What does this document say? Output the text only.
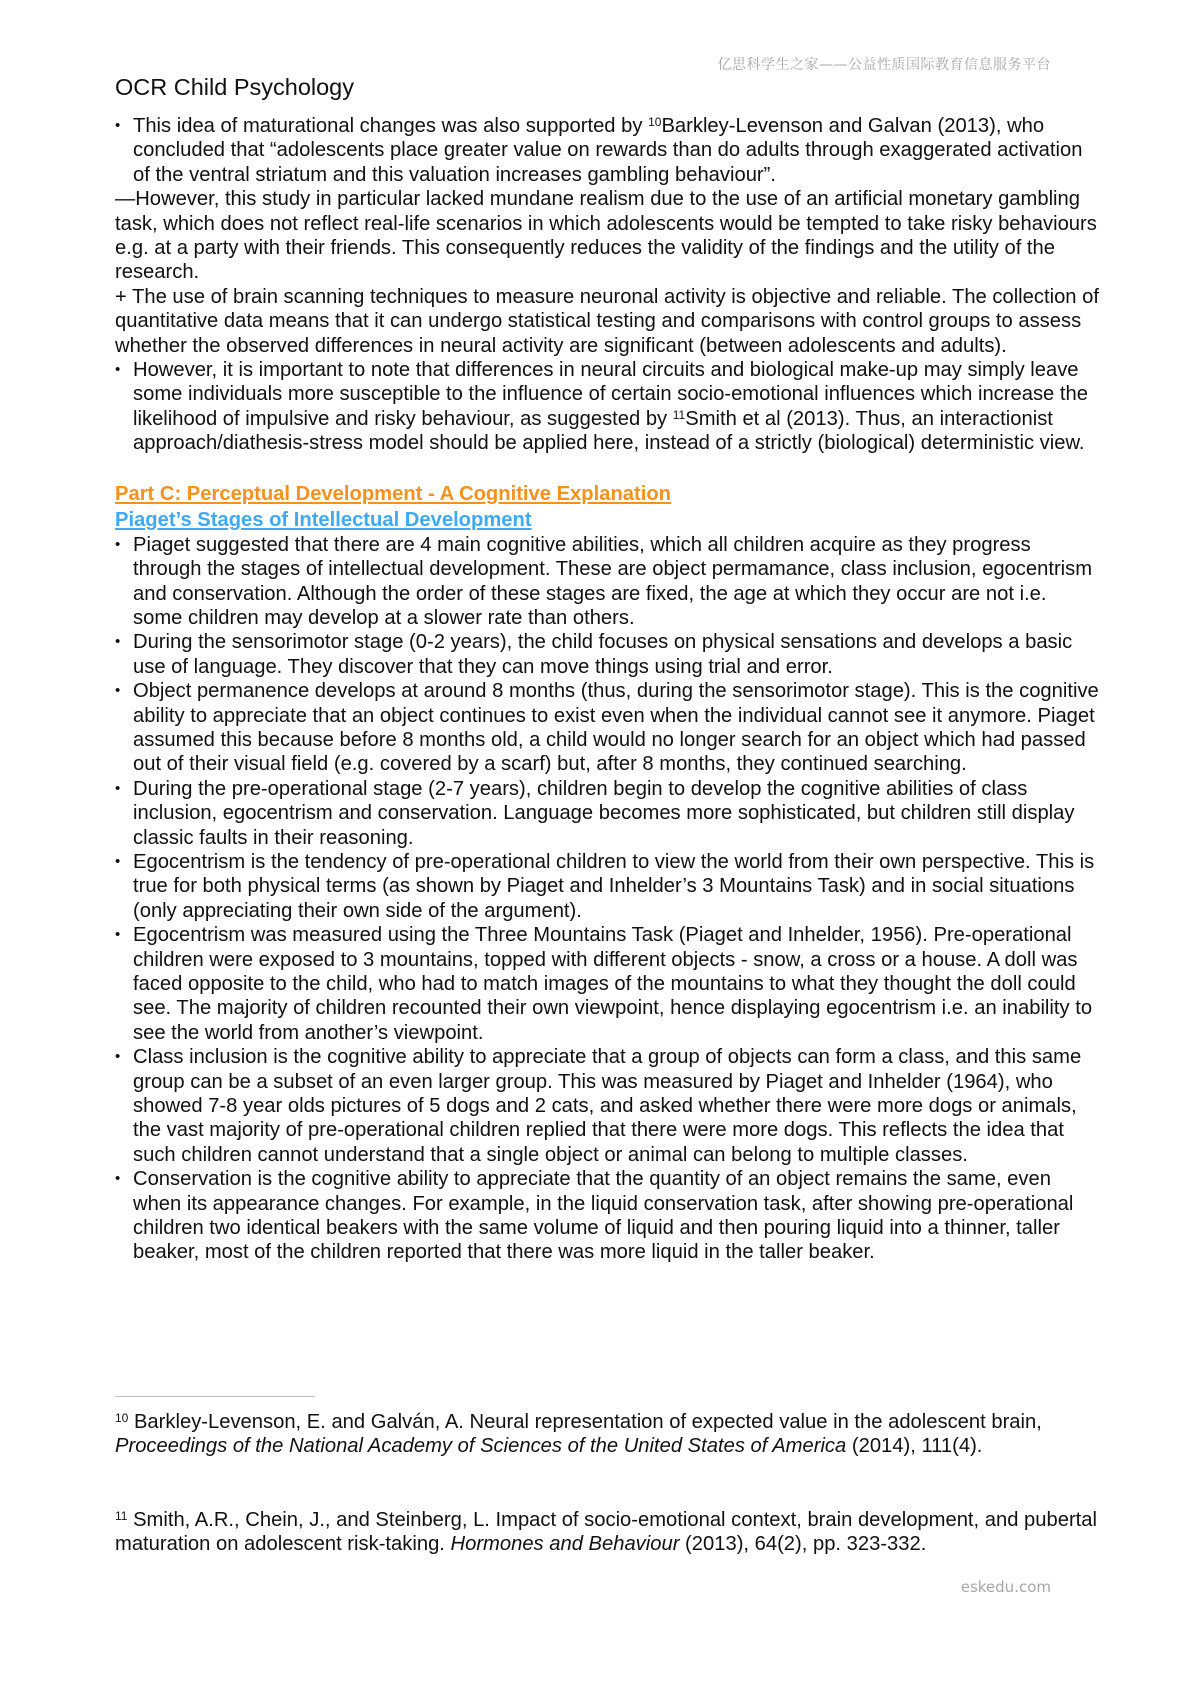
亿思科学生之家——公益性质国际教育信息服务平台
OCR Child Psychology
• This idea of maturational changes was also supported by $^{10}$Barkley-Levenson and Galvan (2013), who concluded that “adolescents place greater value on rewards than do adults through exaggerated activation of the ventral striatum and this valuation increases gambling behaviour”.

—However, this study in particular lacked mundane realism due to the use of an artificial monetary gambling task, which does not reflect real-life scenarios in which adolescents would be tempted to take risky behaviours e.g. at a party with their friends. This consequently reduces the validity of the findings and the utility of the research.

+ The use of brain scanning techniques to measure neuronal activity is objective and reliable. The collection of quantitative data means that it can undergo statistical testing and comparisons with control groups to assess whether the observed differences in neural activity are significant (between adolescents and adults).

• However, it is important to note that differences in neural circuits and biological make-up may simply leave some individuals more susceptible to the influence of certain socio-emotional influences which increase the likelihood of impulsive and risky behaviour, as suggested by $^{11}$Smith et al (2013). Thus, an interactionist approach/diathesis-stress model should be applied here, instead of a strictly (biological) deterministic view.
Part C: Perceptual Development - A Cognitive Explanation
Piaget’s Stages of Intellectual Development
• Piaget suggested that there are 4 main cognitive abilities, which all children acquire as they progress through the stages of intellectual development. These are object permamance, class inclusion, egocentrism and conservation. Although the order of these stages are fixed, the age at which they occur are not i.e. some children may develop at a slower rate than others.
• During the sensorimotor stage (0-2 years), the child focuses on physical sensations and develops a basic use of language. They discover that they can move things using trial and error.
• Object permanence develops at around 8 months (thus, during the sensorimotor stage). This is the cognitive ability to appreciate that an object continues to exist even when the individual cannot see it anymore. Piaget assumed this because before 8 months old, a child would no longer search for an object which had passed out of their visual field (e.g. covered by a scarf) but, after 8 months, they continued searching.
• During the pre-operational stage (2-7 years), children begin to develop the cognitive abilities of class inclusion, egocentrism and conservation. Language becomes more sophisticated, but children still display classic faults in their reasoning.
• Egocentrism is the tendency of pre-operational children to view the world from their own perspective. This is true for both physical terms (as shown by Piaget and Inhelder’s 3 Mountains Task) and in social situations (only appreciating their own side of the argument).
• Egocentrism was measured using the Three Mountains Task (Piaget and Inhelder, 1956). Pre-operational children were exposed to 3 mountains, topped with different objects - snow, a cross or a house. A doll was faced opposite to the child, who had to match images of the mountains to what they thought the doll could see. The majority of children recounted their own viewpoint, hence displaying egocentrism i.e. an inability to see the world from another’s viewpoint.
• Class inclusion is the cognitive ability to appreciate that a group of objects can form a class, and this same group can be a subset of an even larger group. This was measured by Piaget and Inhelder (1964), who showed 7-8 year olds pictures of 5 dogs and 2 cats, and asked whether there were more dogs or animals, the vast majority of pre-operational children replied that there were more dogs. This reflects the idea that such children cannot understand that a single object or animal can belong to multiple classes.
• Conservation is the cognitive ability to appreciate that the quantity of an object remains the same, even when its appearance changes. For example, in the liquid conservation task, after showing pre-operational children two identical beakers with the same volume of liquid and then pouring liquid into a thinner, taller beaker, most of the children reported that there was more liquid in the taller beaker.
$^{10}$ Barkley-Levenson, E. and Galván, A. Neural representation of expected value in the adolescent brain, Proceedings of the National Academy of Sciences of the United States of America (2014), 111(4).
$^{11}$ Smith, A.R., Chein, J., and Steinberg, L. Impact of socio-emotional context, brain development, and pubertal maturation on adolescent risk-taking. Hormones and Behaviour (2013), 64(2), pp. 323-332.
eskedu.com
